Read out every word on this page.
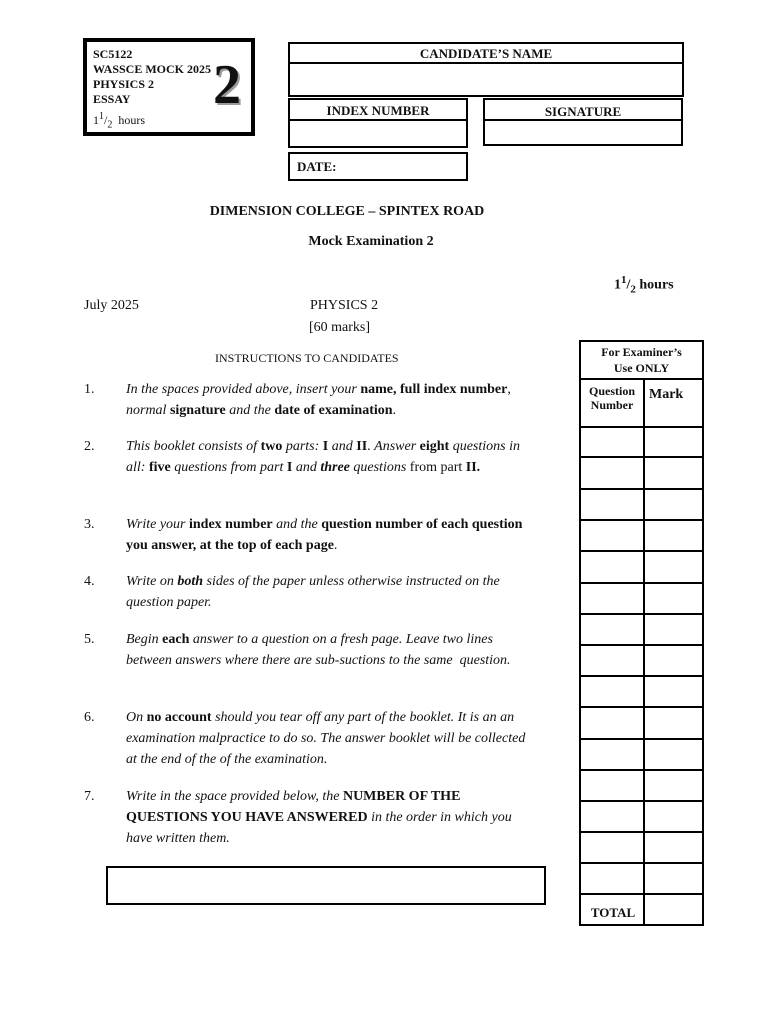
SC5122
WASSCE MOCK 2025
PHYSICS 2
ESSAY
$1^1/_2$ hours
2
CANDIDATE’S NAME
INDEX NUMBER	SIGNATURE
DATE:
DIMENSION COLLEGE – SPINTEX ROAD
Mock Examination 2
$1^1/_2$ hours
July 2025	PHYSICS 2
[60 marks]
INSTRUCTIONS TO CANDIDATES
1. In the spaces provided above, insert your name, full index number, normal signature and the date of examination.
2. This booklet consists of two parts: I and II. Answer eight questions in all: five questions from part I and three questions from part II.
3. Write your index number and the question number of each question you answer, at the top of each page.
4. Write on both sides of the paper unless otherwise instructed on the question paper.
5. Begin each answer to a question on a fresh page. Leave two lines between answers where there are sub-suctions to the same  question.
6. On no account should you tear off any part of the booklet. It is an an examination malpractice to do so. The answer booklet will be collected at the end of the of the examination.
7. Write in the space provided below, the NUMBER OF THE QUESTIONS YOU HAVE ANSWERED in the order in which you have written them.
For Examiner’s
Use ONLY
Question Number
Mark
TOTAL
